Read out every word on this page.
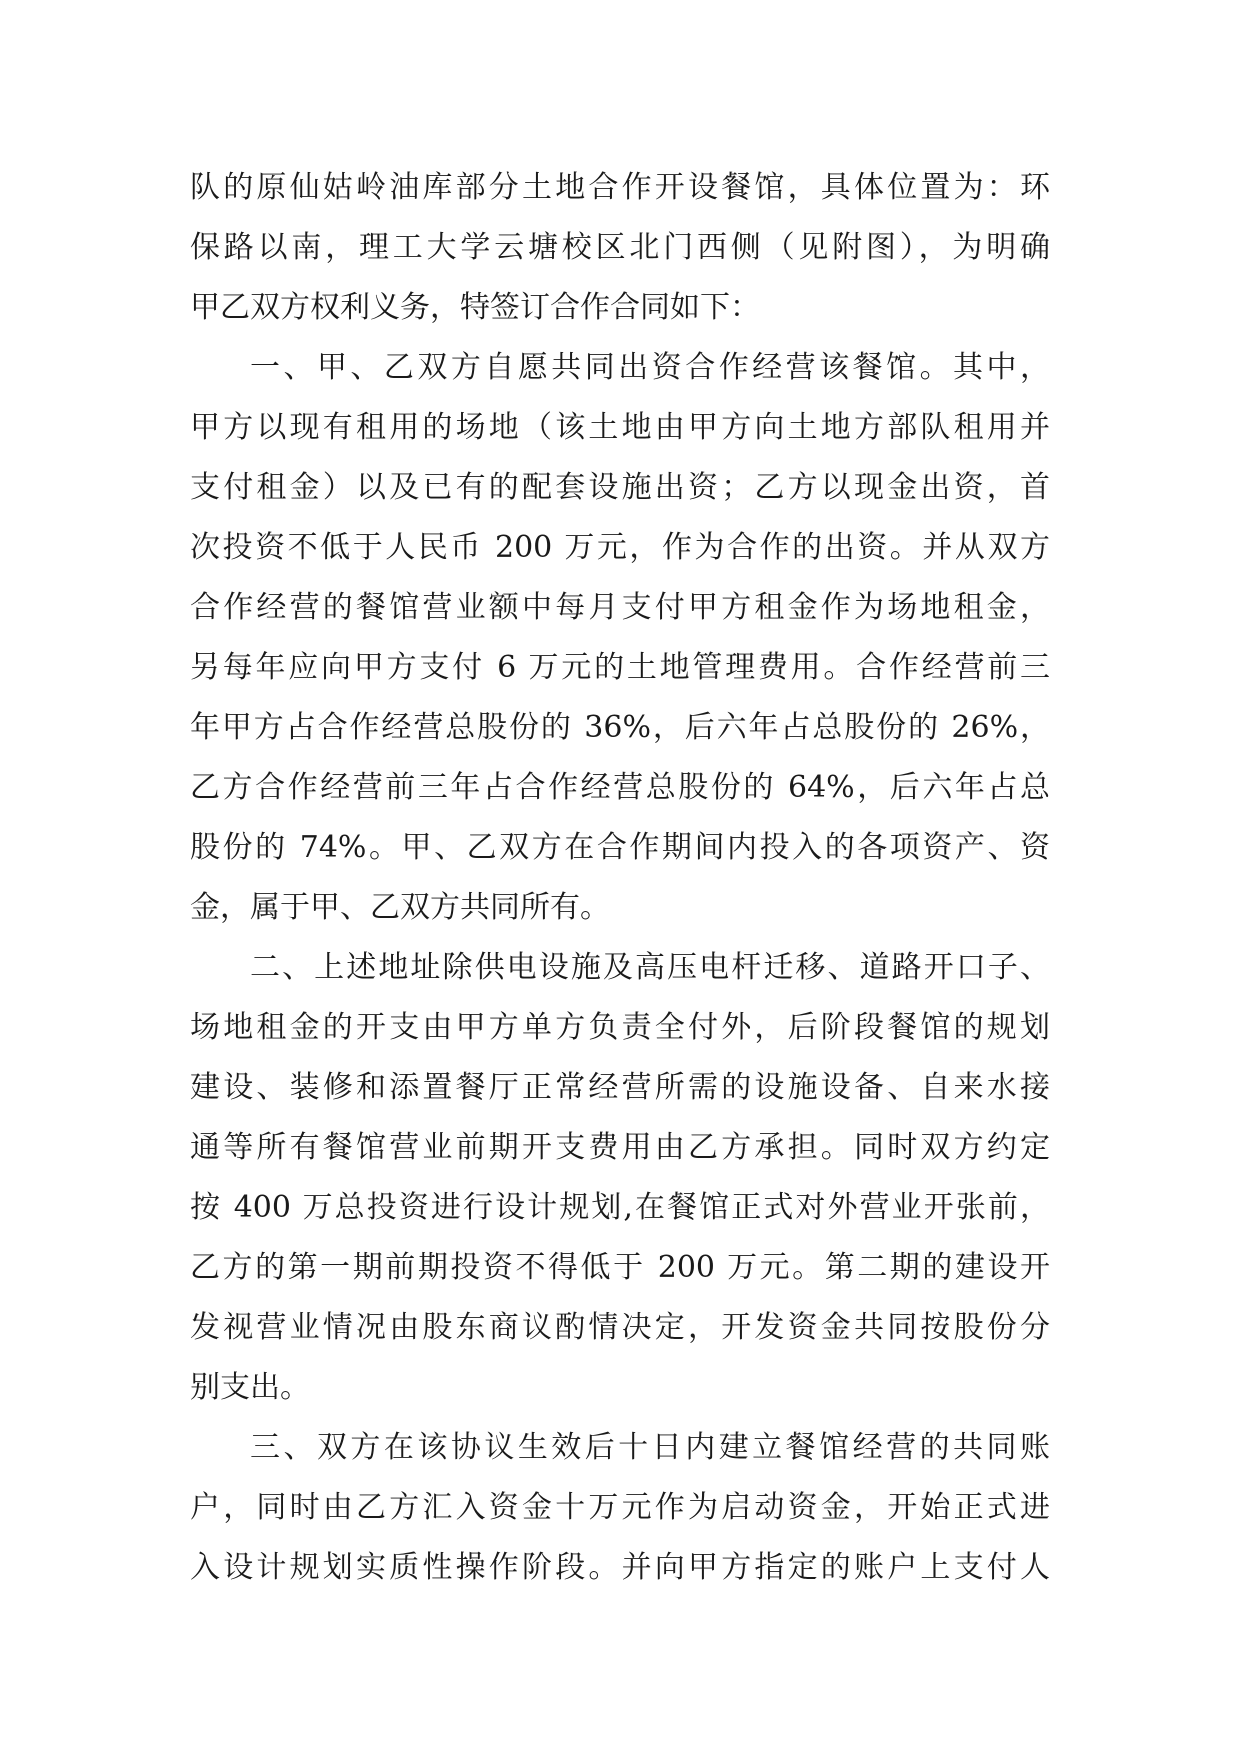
队的原仙姑岭油库部分土地合作开设餐馆，具体位置为：环
保路以南，理工大学云塘校区北门西侧（见附图），为明确
甲乙双方权利义务，特签订合作合同如下：
一、甲、乙双方自愿共同出资合作经营该餐馆。其中，
甲方以现有租用的场地（该土地由甲方向土地方部队租用并
支付租金）以及已有的配套设施出资；乙方以现金出资，首
次投资不低于人民币 200 万元，作为合作的出资。并从双方
合作经营的餐馆营业额中每月支付甲方租金作为场地租金，
另每年应向甲方支付 6 万元的土地管理费用。合作经营前三
年甲方占合作经营总股份的 36%，后六年占总股份的 26%，
乙方合作经营前三年占合作经营总股份的 64%，后六年占总
股份的 74%。甲、乙双方在合作期间内投入的各项资产、资
金，属于甲、乙双方共同所有。
二、上述地址除供电设施及高压电杆迁移、道路开口子、
场地租金的开支由甲方单方负责全付外，后阶段餐馆的规划
建设、装修和添置餐厅正常经营所需的设施设备、自来水接
通等所有餐馆营业前期开支费用由乙方承担。同时双方约定
按 400 万总投资进行设计规划,在餐馆正式对外营业开张前，
乙方的第一期前期投资不得低于 200 万元。第二期的建设开
发视营业情况由股东商议酌情决定，开发资金共同按股份分
别支出。
三、双方在该协议生效后十日内建立餐馆经营的共同账
户，同时由乙方汇入资金十万元作为启动资金，开始正式进
入设计规划实质性操作阶段。并向甲方指定的账户上支付人
